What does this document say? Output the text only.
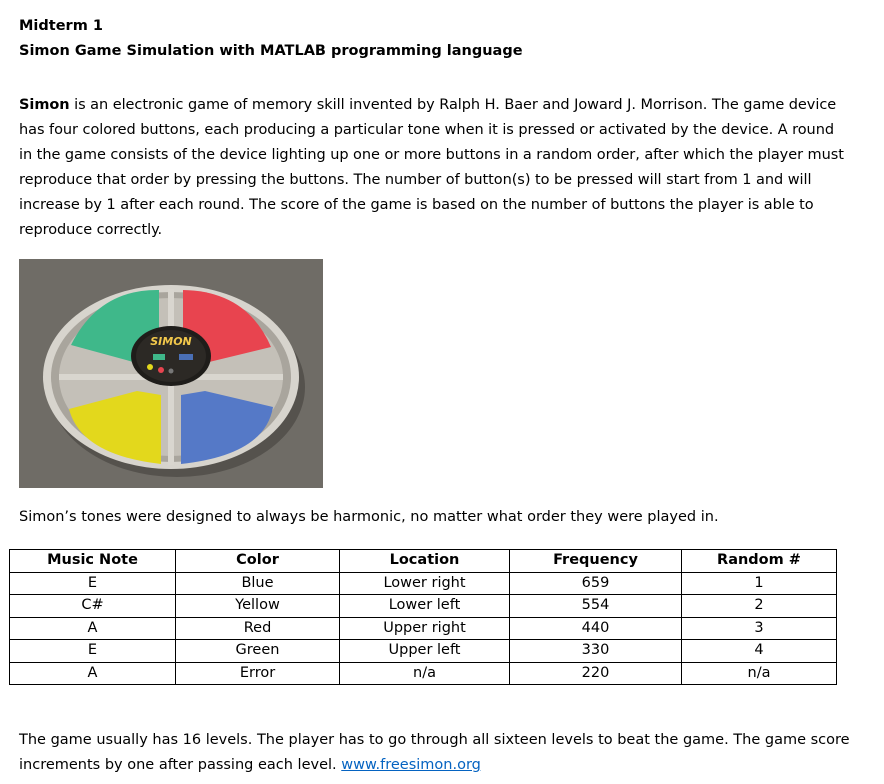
Midterm 1
Simon Game Simulation with MATLAB programming language
Simon is an electronic game of memory skill invented by Ralph H. Baer and Joward J. Morrison. The game device has four colored buttons, each producing a particular tone when it is pressed or activated by the device. A round in the game consists of the device lighting up one or more buttons in a random order, after which the player must reproduce that order by pressing the buttons. The number of button(s) to be pressed will start from 1 and will increase by 1 after each round. The score of the game is based on the number of buttons the player is able to reproduce correctly.
SIMON
Simon’s tones were designed to always be harmonic, no matter what order they were played in.
Music Note	Color	Location	Frequency	Random #
E	Blue	Lower right	659	1
C#	Yellow	Lower left	554	2
A	Red	Upper right	440	3
E	Green	Upper left	330	4
A	Error	n/a	220	n/a
The game usually has 16 levels. The player has to go through all sixteen levels to beat the game. The game score increments by one after passing each level. www.freesimon.org
